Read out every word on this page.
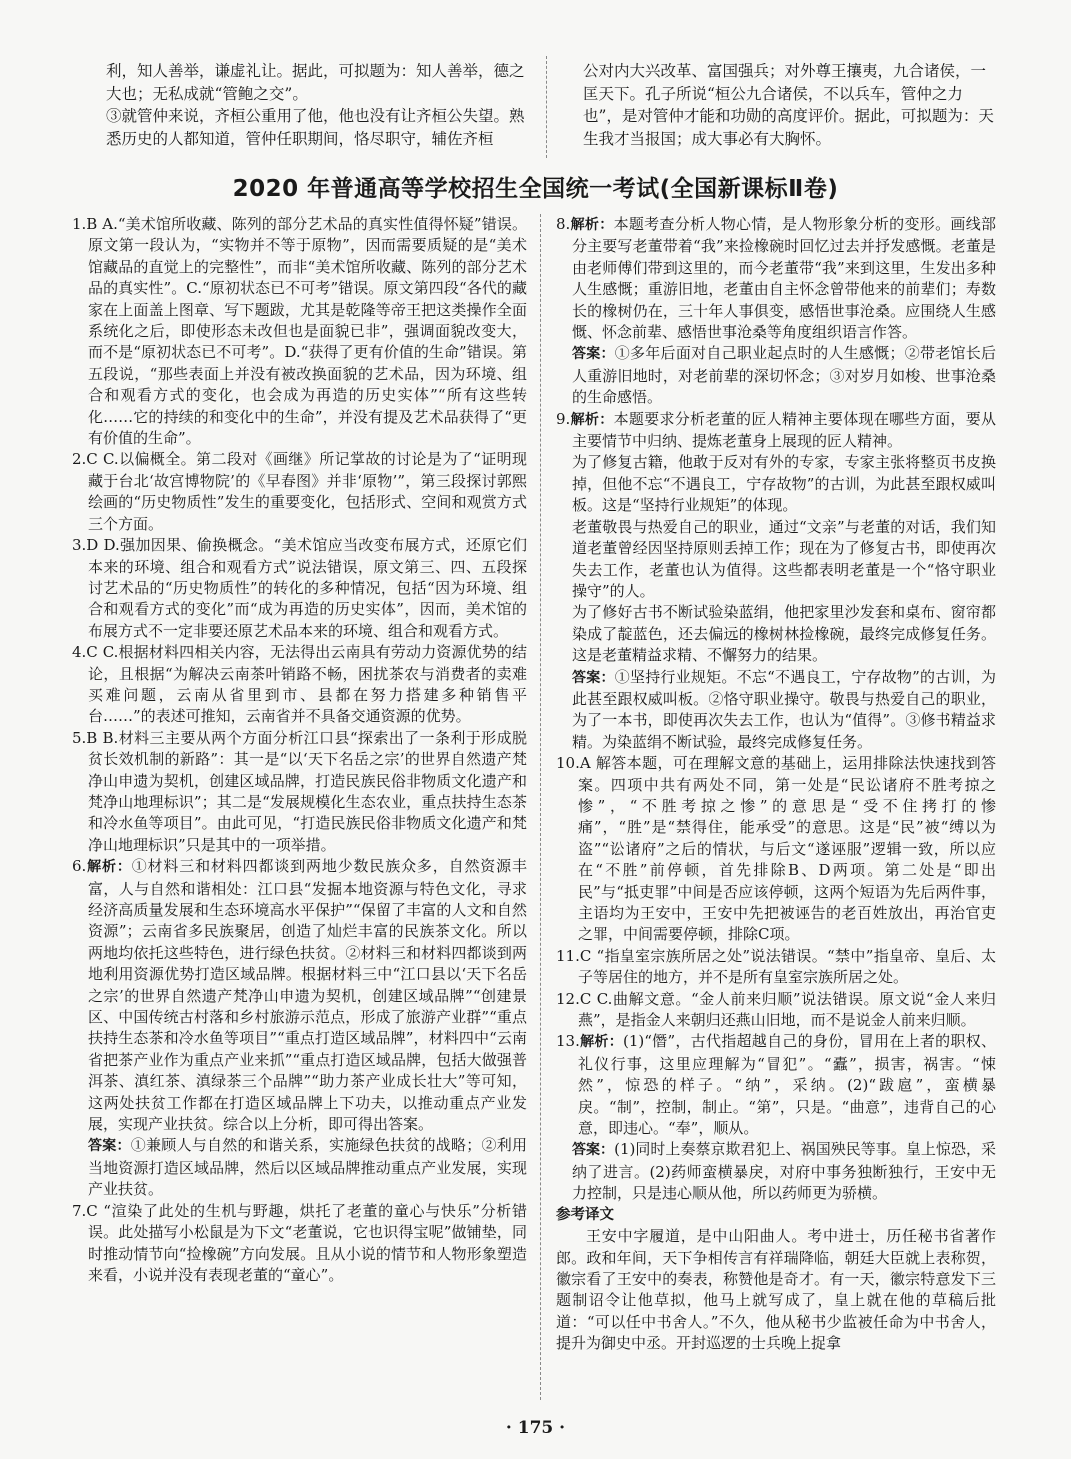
利，知人善举，谦虚礼让。据此，可拟题为：知人善举，德之大也；无私成就“管鲍之交”。

③就管仲来说，齐桓公重用了他，他也没有让齐桓公失望。熟悉历史的人都知道，管仲任职期间，恪尽职守，辅佐齐桓

公对内大兴改革、富国强兵；对外尊王攘夷，九合诸侯，一匡天下。孔子所说“桓公九合诸侯，不以兵车，管仲之力也”，是对管仲才能和功勋的高度评价。据此，可拟题为：天生我才当报国；成大事必有大胸怀。

2020 年普通高等学校招生全国统一考试(全国新课标Ⅱ卷)

1.B A.“美术馆所收藏、陈列的部分艺术品的真实性值得怀疑”错误。原文第一段认为，“实物并不等于原物”，因而需要质疑的是“美术馆藏品的直觉上的完整性”，而非“美术馆所收藏、陈列的部分艺术品的真实性”。C.“原初状态已不可考”错误。原文第四段“各代的藏家在上面盖上图章、写下题跋，尤其是乾隆等帝王把这类操作全面系统化之后，即使形态未改但也是面貌已非”，强调面貌改变大，而不是“原初状态已不可考”。D.“获得了更有价值的生命”错误。第五段说，“那些表面上并没有被改换面貌的艺术品，因为环境、组合和观看方式的变化，也会成为再造的历史实体”“所有这些转化……它的持续的和变化中的生命”，并没有提及艺术品获得了“更有价值的生命”。

2.C C.以偏概全。第二段对《画继》所记掌故的讨论是为了“证明现藏于台北‘故宫博物院’的《早春图》并非‘原物’”，第三段探讨郭熙绘画的“历史物质性”发生的重要变化，包括形式、空间和观赏方式三个方面。

3.D D.强加因果、偷换概念。“美术馆应当改变布展方式，还原它们本来的环境、组合和观看方式”说法错误，原文第三、四、五段探讨艺术品的“历史物质性”的转化的多种情况，包括“因为环境、组合和观看方式的变化”而“成为再造的历史实体”，因而，美术馆的布展方式不一定非要还原艺术品本来的环境、组合和观看方式。

4.C C.根据材料四相关内容，无法得出云南具有劳动力资源优势的结论，且根据“为解决云南茶叶销路不畅，困扰茶农与消费者的卖难买难问题，云南从省里到市、县都在努力搭建多种销售平台……”的表述可推知，云南省并不具备交通资源的优势。

5.B B.材料三主要从两个方面分析江口县“探索出了一条利于形成脱贫长效机制的新路”：其一是“以‘天下名岳之宗’的世界自然遗产梵净山申遗为契机，创建区域品牌，打造民族民俗非物质文化遗产和梵净山地理标识”；其二是“发展规模化生态农业，重点扶持生态茶和冷水鱼等项目”。由此可见，“打造民族民俗非物质文化遗产和梵净山地理标识”只是其中的一项举措。

6.解析：①材料三和材料四都谈到两地少数民族众多，自然资源丰富，人与自然和谐相处：江口县“发掘本地资源与特色文化，寻求经济高质量发展和生态环境高水平保护”“保留了丰富的人文和自然资源”；云南省多民族聚居，创造了灿烂丰富的民族茶文化。所以两地均依托这些特色，进行绿色扶贫。②材料三和材料四都谈到两地利用资源优势打造区域品牌。根据材料三中“江口县以‘天下名岳之宗’的世界自然遗产梵净山申遗为契机，创建区域品牌”“创建景区、中国传统古村落和乡村旅游示范点，形成了旅游产业群”“重点扶持生态茶和冷水鱼等项目”“重点打造区域品牌”，材料四中“云南省把茶产业作为重点产业来抓”“重点打造区域品牌，包括大做强普洱茶、滇红茶、滇绿茶三个品牌”“助力茶产业成长壮大”等可知，这两处扶贫工作都在打造区域品牌上下功夫，以推动重点产业发展，实现产业扶贫。综合以上分析，即可得出答案。

答案：①兼顾人与自然的和谐关系，实施绿色扶贫的战略；②利用当地资源打造区域品牌，然后以区域品牌推动重点产业发展，实现产业扶贫。

7.C “渲染了此处的生机与野趣，烘托了老董的童心与快乐”分析错误。此处描写小松鼠是为下文“老董说，它也识得宝呢”做铺垫，同时推动情节向“捡橡碗”方向发展。且从小说的情节和人物形象塑造来看，小说并没有表现老董的“童心”。

8.解析：本题考查分析人物心情，是人物形象分析的变形。画线部分主要写老董带着“我”来捡橡碗时回忆过去并抒发感慨。老董是由老师傅们带到这里的，而今老董带“我”来到这里，生发出多种人生感慨；重游旧地，老董由自主怀念曾带他来的前辈们；寿数长的橡树仍在，三十年人事俱变，感悟世事沧桑。应围绕人生感慨、怀念前辈、感悟世事沧桑等角度组织语言作答。

答案：①多年后面对自己职业起点时的人生感慨；②带老馆长后人重游旧地时，对老前辈的深切怀念；③对岁月如梭、世事沧桑的生命感悟。

9.解析：本题要求分析老董的匠人精神主要体现在哪些方面，要从主要情节中归纳、提炼老董身上展现的匠人精神。

为了修复古籍，他敢于反对有外的专家，专家主张将整页书皮换掉，但他不忘“不遇良工，宁存故物”的古训，为此甚至跟权威叫板。这是“坚持行业规矩”的体现。

老董敬畏与热爱自己的职业，通过“文亲”与老董的对话，我们知道老董曾经因坚持原则丢掉工作；现在为了修复古书，即使再次失去工作，老董也认为值得。这些都表明老董是一个“恪守职业操守”的人。

为了修好古书不断试验染蓝绢，他把家里沙发套和桌布、窗帘都染成了靛蓝色，还去偏远的橡树林捡橡碗，最终完成修复任务。这是老董精益求精、不懈努力的结果。

答案：①坚持行业规矩。不忘“不遇良工，宁存故物”的古训，为此甚至跟权威叫板。②恪守职业操守。敬畏与热爱自己的职业，为了一本书，即使再次失去工作，也认为“值得”。③修书精益求精。为染蓝绢不断试验，最终完成修复任务。

10.A 解答本题，可在理解文意的基础上，运用排除法快速找到答案。四项中共有两处不同，第一处是“民讼诸府不胜考掠之惨”，“不胜考掠之惨”的意思是“受不住拷打的惨痛”，“胜”是“禁得住，能承受”的意思。这是“民”被“缚以为盗”“讼诸府”之后的情状，与后文“遂诬服”逻辑一致，所以应在“不胜”前停顿，首先排除B、D两项。第二处是“即出民”与“抵吏罪”中间是否应该停顿，这两个短语为先后两件事，主语均为王安中，王安中先把被诬告的老百姓放出，再治官吏之罪，中间需要停顿，排除C项。

11.C “指皇室宗族所居之处”说法错误。“禁中”指皇帝、皇后、太子等居住的地方，并不是所有皇室宗族所居之处。

12.C C.曲解文意。“金人前来归顺”说法错误。原文说“金人来归燕”，是指金人来朝归还燕山旧地，而不是说金人前来归顺。

13.解析：(1)“僭”，古代指超越自己的身份，冒用在上者的职权、礼仪行事，这里应理解为“冒犯”。“蠹”，损害，祸害。“悚然”，惊恐的样子。“纳”，采纳。(2)“跋扈”，蛮横暴戾。“制”，控制，制止。“第”，只是。“曲意”，违背自己的心意，即违心。“奉”，顺从。

答案：(1)同时上奏蔡京欺君犯上、祸国殃民等事。皇上惊恐，采纳了进言。(2)药师蛮横暴戾，对府中事务独断独行，王安中无力控制，只是违心顺从他，所以药师更为骄横。

参考译文

王安中字履道，是中山阳曲人。考中进士，历任秘书省著作郎。政和年间，天下争相传言有祥瑞降临，朝廷大臣就上表称贺，徽宗看了王安中的奏表，称赞他是奇才。有一天，徽宗特意发下三题制诏令让他草拟，他马上就写成了，皇上就在他的草稿后批道：“可以任中书舍人。”不久，他从秘书少监被任命为中书舍人，提升为御史中丞。开封巡逻的士兵晚上捉拿

· 175 ·
